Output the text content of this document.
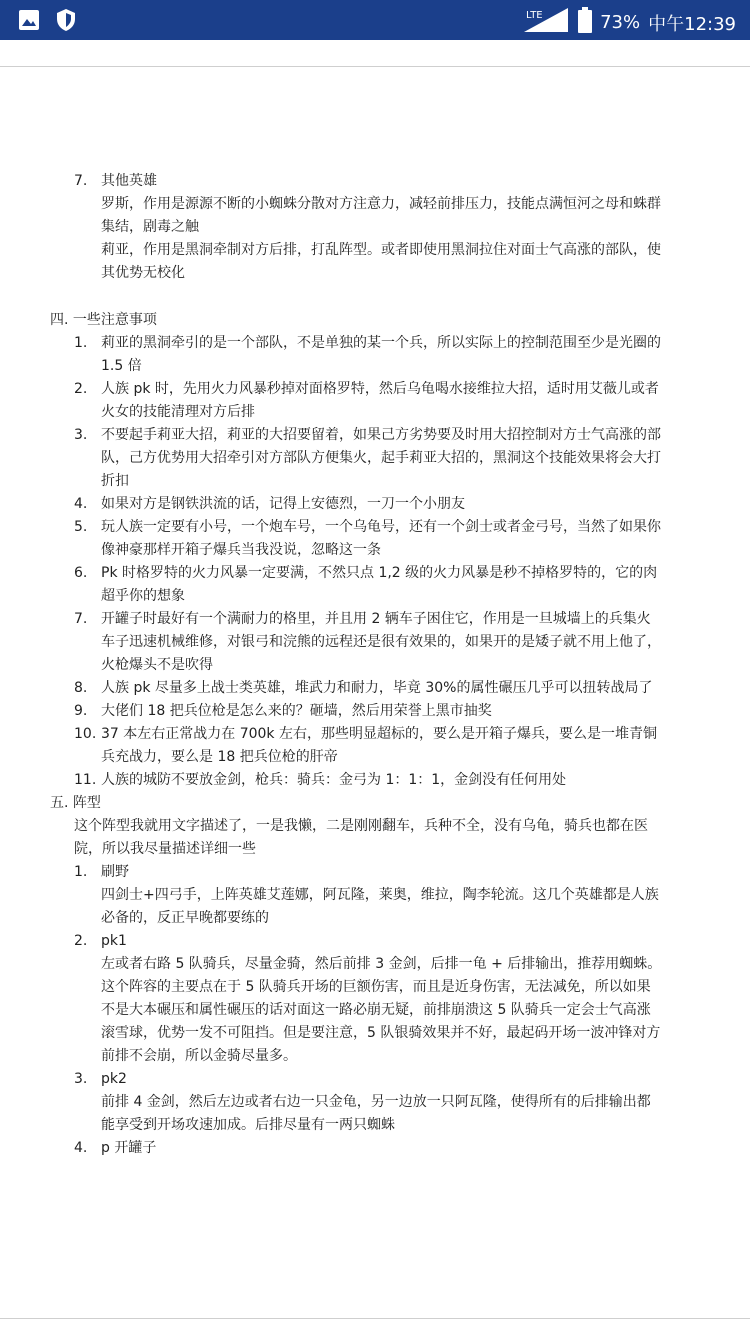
LTE	73% 中午12:39
7. 其他英雄
罗斯，作用是源源不断的小蜘蛛分散对方注意力，减轻前排压力，技能点满恒河之母和蛛群集结，剧毒之触
莉亚，作用是黑洞牵制对方后排，打乱阵型。或者即使用黑洞拉住对面士气高涨的部队，使其优势无校化
四. 一些注意事项
1. 莉亚的黑洞牵引的是一个部队，不是单独的某一个兵，所以实际上的控制范围至少是光圈的 1.5 倍
2. 人族 pk 时，先用火力风暴秒掉对面格罗特，然后乌龟喝水接维拉大招，适时用艾薇儿或者火女的技能清理对方后排
3. 不要起手莉亚大招，莉亚的大招要留着，如果己方劣势要及时用大招控制对方士气高涨的部队，己方优势用大招牵引对方部队方便集火，起手莉亚大招的，黑洞这个技能效果将会大打折扣
4. 如果对方是钢铁洪流的话，记得上安德烈，一刀一个小朋友
5. 玩人族一定要有小号，一个炮车号，一个乌龟号，还有一个剑士或者金弓号，当然了如果你像神豪那样开箱子爆兵当我没说，忽略这一条
6. Pk 时格罗特的火力风暴一定要满，不然只点 1,2 级的火力风暴是秒不掉格罗特的，它的肉超乎你的想象
7. 开罐子时最好有一个满耐力的格里，并且用 2 辆车子困住它，作用是一旦城墙上的兵集火车子迅速机械维修，对银弓和浣熊的远程还是很有效果的，如果开的是矮子就不用上他了，火枪爆头不是吹得
8. 人族 pk 尽量多上战士类英雄，堆武力和耐力，毕竟 30%的属性碾压几乎可以扭转战局了
9. 大佬们 18 把兵位枪是怎么来的？砸墙，然后用荣誉上黑市抽奖
10. 37 本左右正常战力在 700k 左右，那些明显超标的，要么是开箱子爆兵，要么是一堆青铜兵充战力，要么是 18 把兵位枪的肝帝
11. 人族的城防不要放金剑，枪兵：骑兵：金弓为 1：1：1，金剑没有任何用处
五. 阵型
这个阵型我就用文字描述了，一是我懒，二是刚刚翻车，兵种不全，没有乌龟，骑兵也都在医院，所以我尽量描述详细一些
1. 刷野
四剑士+四弓手，上阵英雄艾莲娜，阿瓦隆，莱奥，维拉，陶李轮流。这几个英雄都是人族必备的，反正早晚都要练的
2. pk1
左或者右路 5 队骑兵，尽量金骑，然后前排 3 金剑，后排一龟 + 后排输出，推荐用蜘蛛。这个阵容的主要点在于 5 队骑兵开场的巨额伤害，而且是近身伤害，无法减免，所以如果不是大本碾压和属性碾压的话对面这一路必崩无疑，前排崩溃这 5 队骑兵一定会士气高涨滚雪球，优势一发不可阻挡。但是要注意，5 队银骑效果并不好，最起码开场一波冲锋对方前排不会崩，所以金骑尽量多。
3. pk2
前排 4 金剑，然后左边或者右边一只金龟，另一边放一只阿瓦隆，使得所有的后排输出都能享受到开场攻速加成。后排尽量有一两只蜘蛛
4. p 开罐子
